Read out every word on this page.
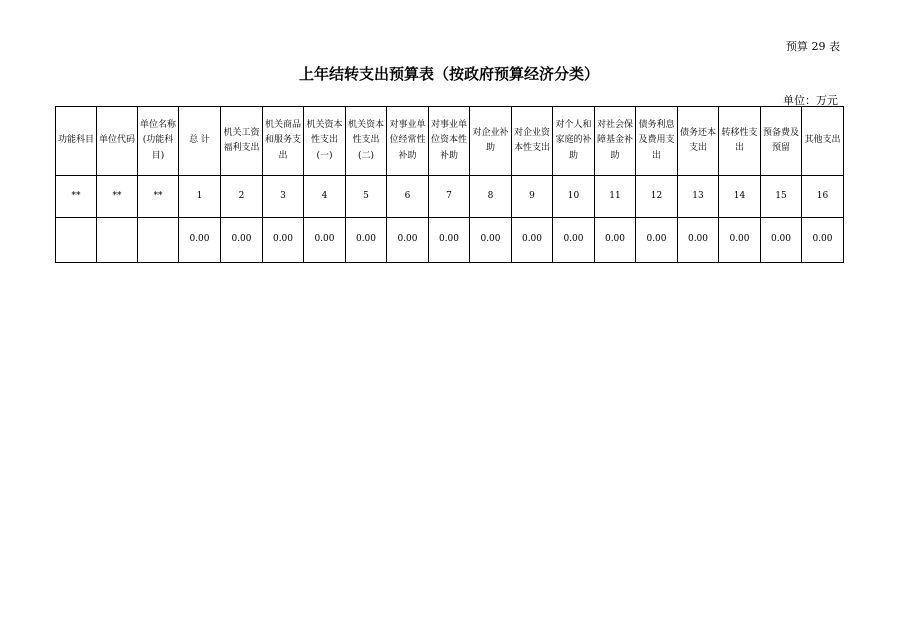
预算 29 表
上年结转支出预算表（按政府预算经济分类）
单位：万元
功能科目	单位代码	单位名称(功能科目)	总 计	机关工资福利支出	机关商品和服务支出	机关资本性支出(一)	机关资本性支出(二)	对事业单位经常性补助	对事业单位资本性补助	对企业补助	对企业资本性支出	对个人和家庭的补助	对社会保障基金补助	债务利息及费用支出	债务还本支出	转移性支出	预备费及预留	其他支出
**	**	**	1	2	3	4	5	6	7	8	9	10	11	12	13	14	15	16
			0.00	0.00	0.00	0.00	0.00	0.00	0.00	0.00	0.00	0.00	0.00	0.00	0.00	0.00	0.00	0.00
